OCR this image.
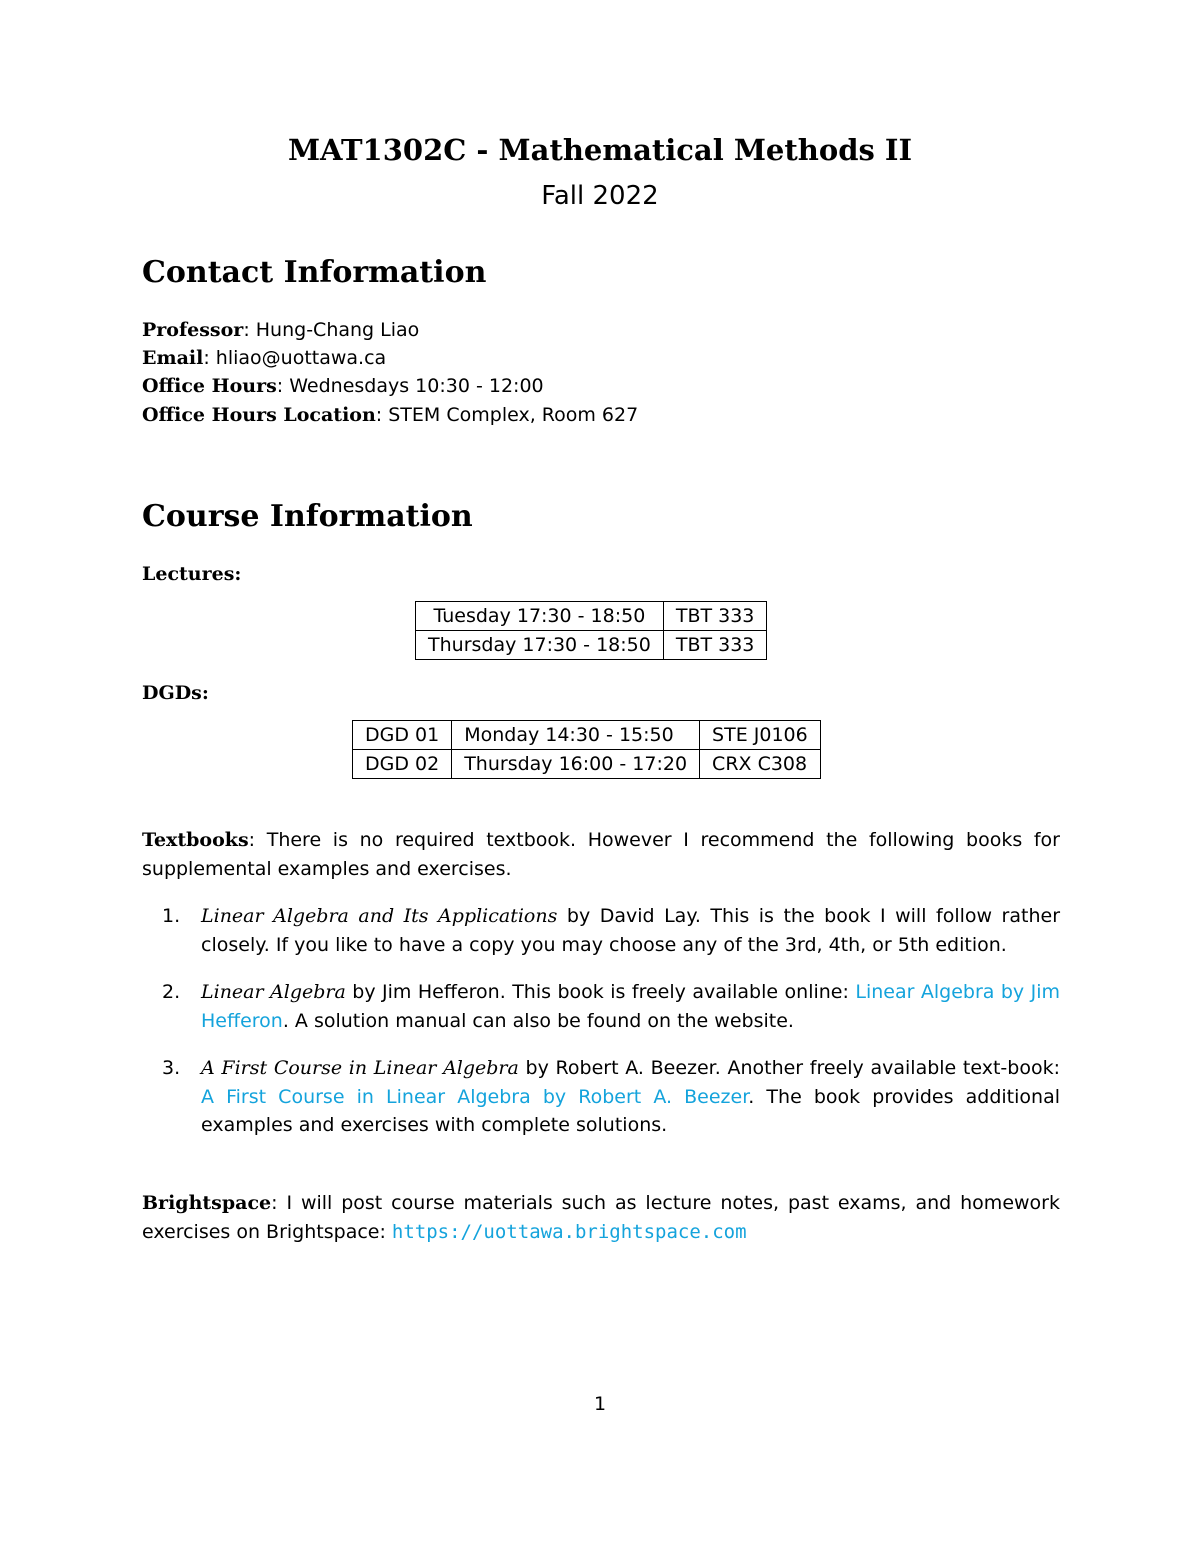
MAT1302C - Mathematical Methods II
Fall 2022
Contact Information
Professor: Hung-Chang Liao
Email: hliao@uottawa.ca
Office Hours: Wednesdays 10:30 - 12:00
Office Hours Location: STEM Complex, Room 627
Course Information
Lectures:
Tuesday 17:30 - 18:50	TBT 333
Thursday 17:30 - 18:50	TBT 333
DGDs:
DGD 01	Monday 14:30 - 15:50	STE J0106
DGD 02	Thursday 16:00 - 17:20	CRX C308
Textbooks: There is no required textbook. However I recommend the following books for supplemental examples and exercises.
1. Linear Algebra and Its Applications by David Lay. This is the book I will follow rather closely. If you like to have a copy you may choose any of the 3rd, 4th, or 5th edition.
2. Linear Algebra by Jim Hefferon. This book is freely available online: Linear Algebra by Jim Hefferon. A solution manual can also be found on the website.
3. A First Course in Linear Algebra by Robert A. Beezer. Another freely available text-book: A First Course in Linear Algebra by Robert A. Beezer. The book provides additional examples and exercises with complete solutions.
Brightspace: I will post course materials such as lecture notes, past exams, and homework exercises on Brightspace: https://uottawa.brightspace.com
1
